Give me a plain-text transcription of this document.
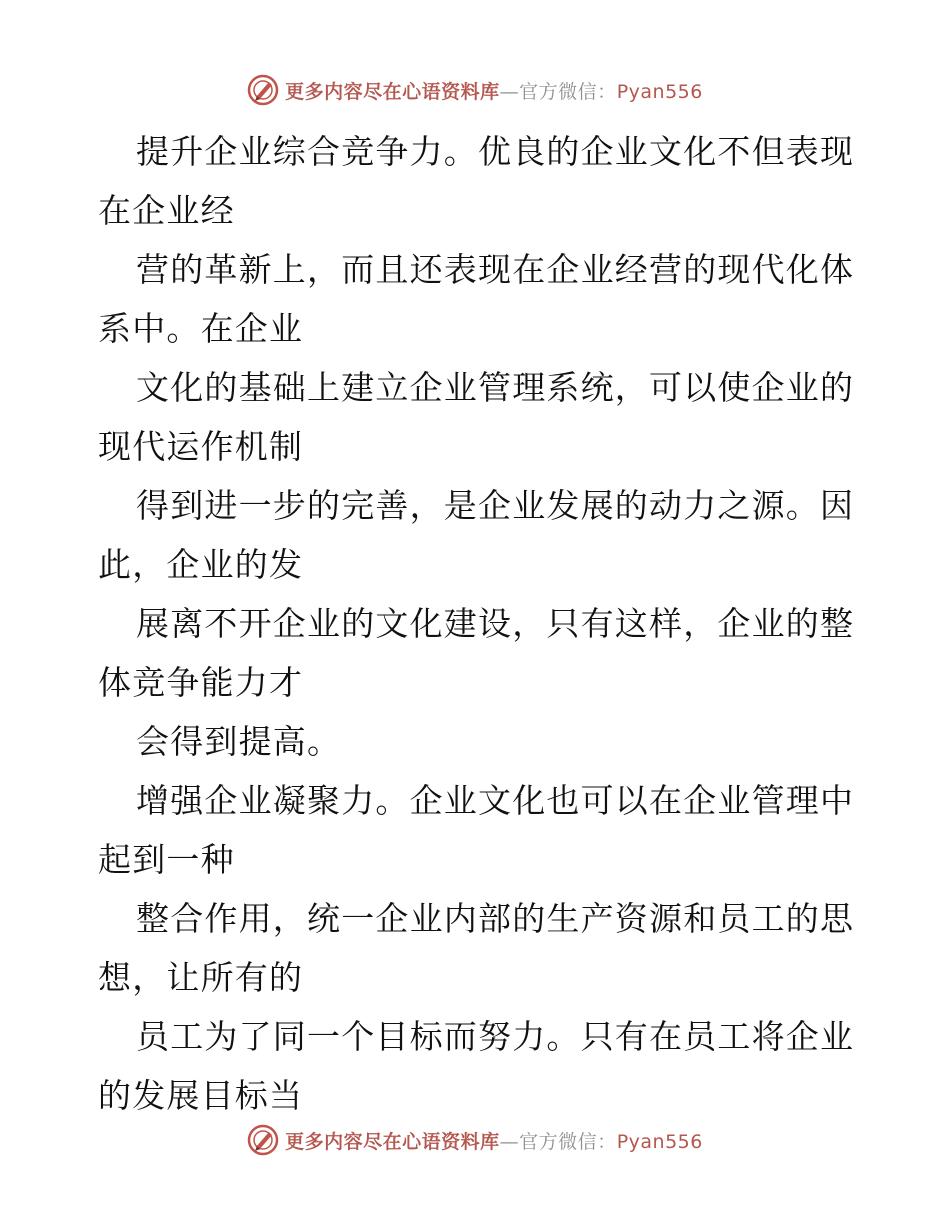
更多内容尽在心语资料库—官方微信：Pyan556
提升企业综合竞争力。优良的企业文化不但表现
在企业经
营的革新上，而且还表现在企业经营的现代化体
系中。在企业
文化的基础上建立企业管理系统，可以使企业的
现代运作机制
得到进一步的完善，是企业发展的动力之源。因
此，企业的发
展离不开企业的文化建设，只有这样，企业的整
体竞争能力才
会得到提高。
增强企业凝聚力。企业文化也可以在企业管理中
起到一种
整合作用，统一企业内部的生产资源和员工的思
想，让所有的
员工为了同一个目标而努力。只有在员工将企业
的发展目标当
更多内容尽在心语资料库—官方微信：Pyan556
